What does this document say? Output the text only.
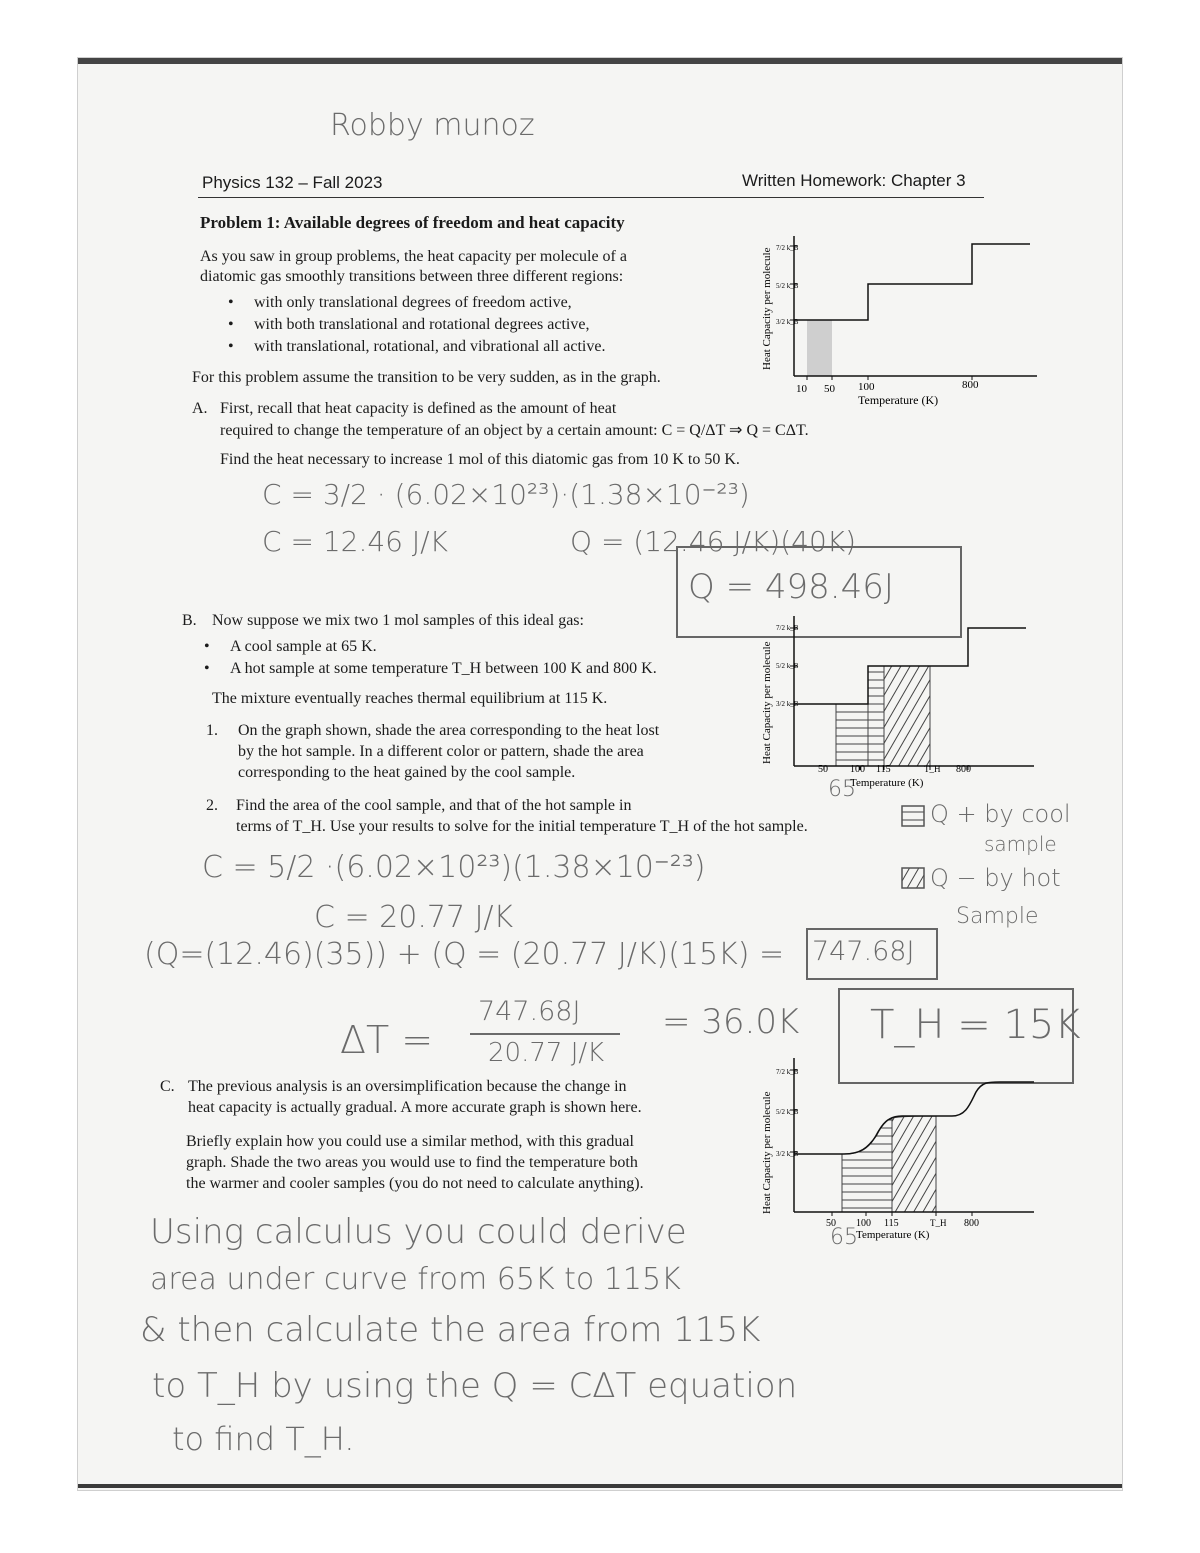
Robby munoz
Physics 132 – Fall 2023	Written Homework: Chapter 3
Problem 1: Available degrees of freedom and heat capacity
As you saw in group problems, the heat capacity per molecule of a
diatomic gas smoothly transitions between three different regions:
• with only translational degrees of freedom active,
• with both translational and rotational degrees active,
• with translational, rotational, and vibrational all active.
For this problem assume the transition to be very sudden, as in the graph.
Heat Capacity per molecule 7/2 k_B
5/2 k_B
3/2 k_B
10 50 100	800
Temperature (K)
A. First, recall that heat capacity is defined as the amount of heat
required to change the temperature of an object by a certain amount: C = Q/ΔT ⇒ Q = CΔT.
Find the heat necessary to increase 1 mol of this diatomic gas from 10 K to 50 K.
C = 3/2 · (6.02×10²³)·(1.38×10⁻²³)
C = 12.46 J/K	Q = (12.46 J/K)(40K)
Q = 498.46J
B. Now suppose we mix two 1 mol samples of this ideal gas:
• A cool sample at 65 K.
• A hot sample at some temperature T_H between 100 K and 800 K.
The mixture eventually reaches thermal equilibrium at 115 K.
1. On the graph shown, shade the area corresponding to the heat lost
by the hot sample. In a different color or pattern, shade the area
corresponding to the heat gained by the cool sample.
Heat Capacity per molecule
7/2 k_B
5/2 k_B
3/2 k_B
50 100 115	T_H 800
Temperature (K)
65
2. Find the area of the cool sample, and that of the hot sample in
terms of T_H. Use your results to solve for the initial temperature T_H of the hot sample.	Q + by cool
sample
Q − by hot
Sample
C = 5/2 ·(6.02×10²³)(1.38×10⁻²³)
C = 20.77 J/K
(Q=(12.46)(35)) + (Q = (20.77 J/K)(15K) = 747.68J
ΔT =
747.68J
20.77 J/K
= 36.0K T_H = 15K
C. The previous analysis is an oversimplification because the change in
heat capacity is actually gradual. A more accurate graph is shown here.
Briefly explain how you could use a similar method, with this gradual
graph. Shade the two areas you would use to find the temperature both
the warmer and cooler samples (you do not need to calculate anything).	Heat Capacity per molecule
7/2 k_B
5/2 k_B
3/2 k_B
50 100 115	T_H 800
Temperature (K)
65
Using calculus you could derive
area under curve from 65K to 115K
& then calculate the area from 115K
to T_H by using the Q = CΔT equation
to find T_H.
